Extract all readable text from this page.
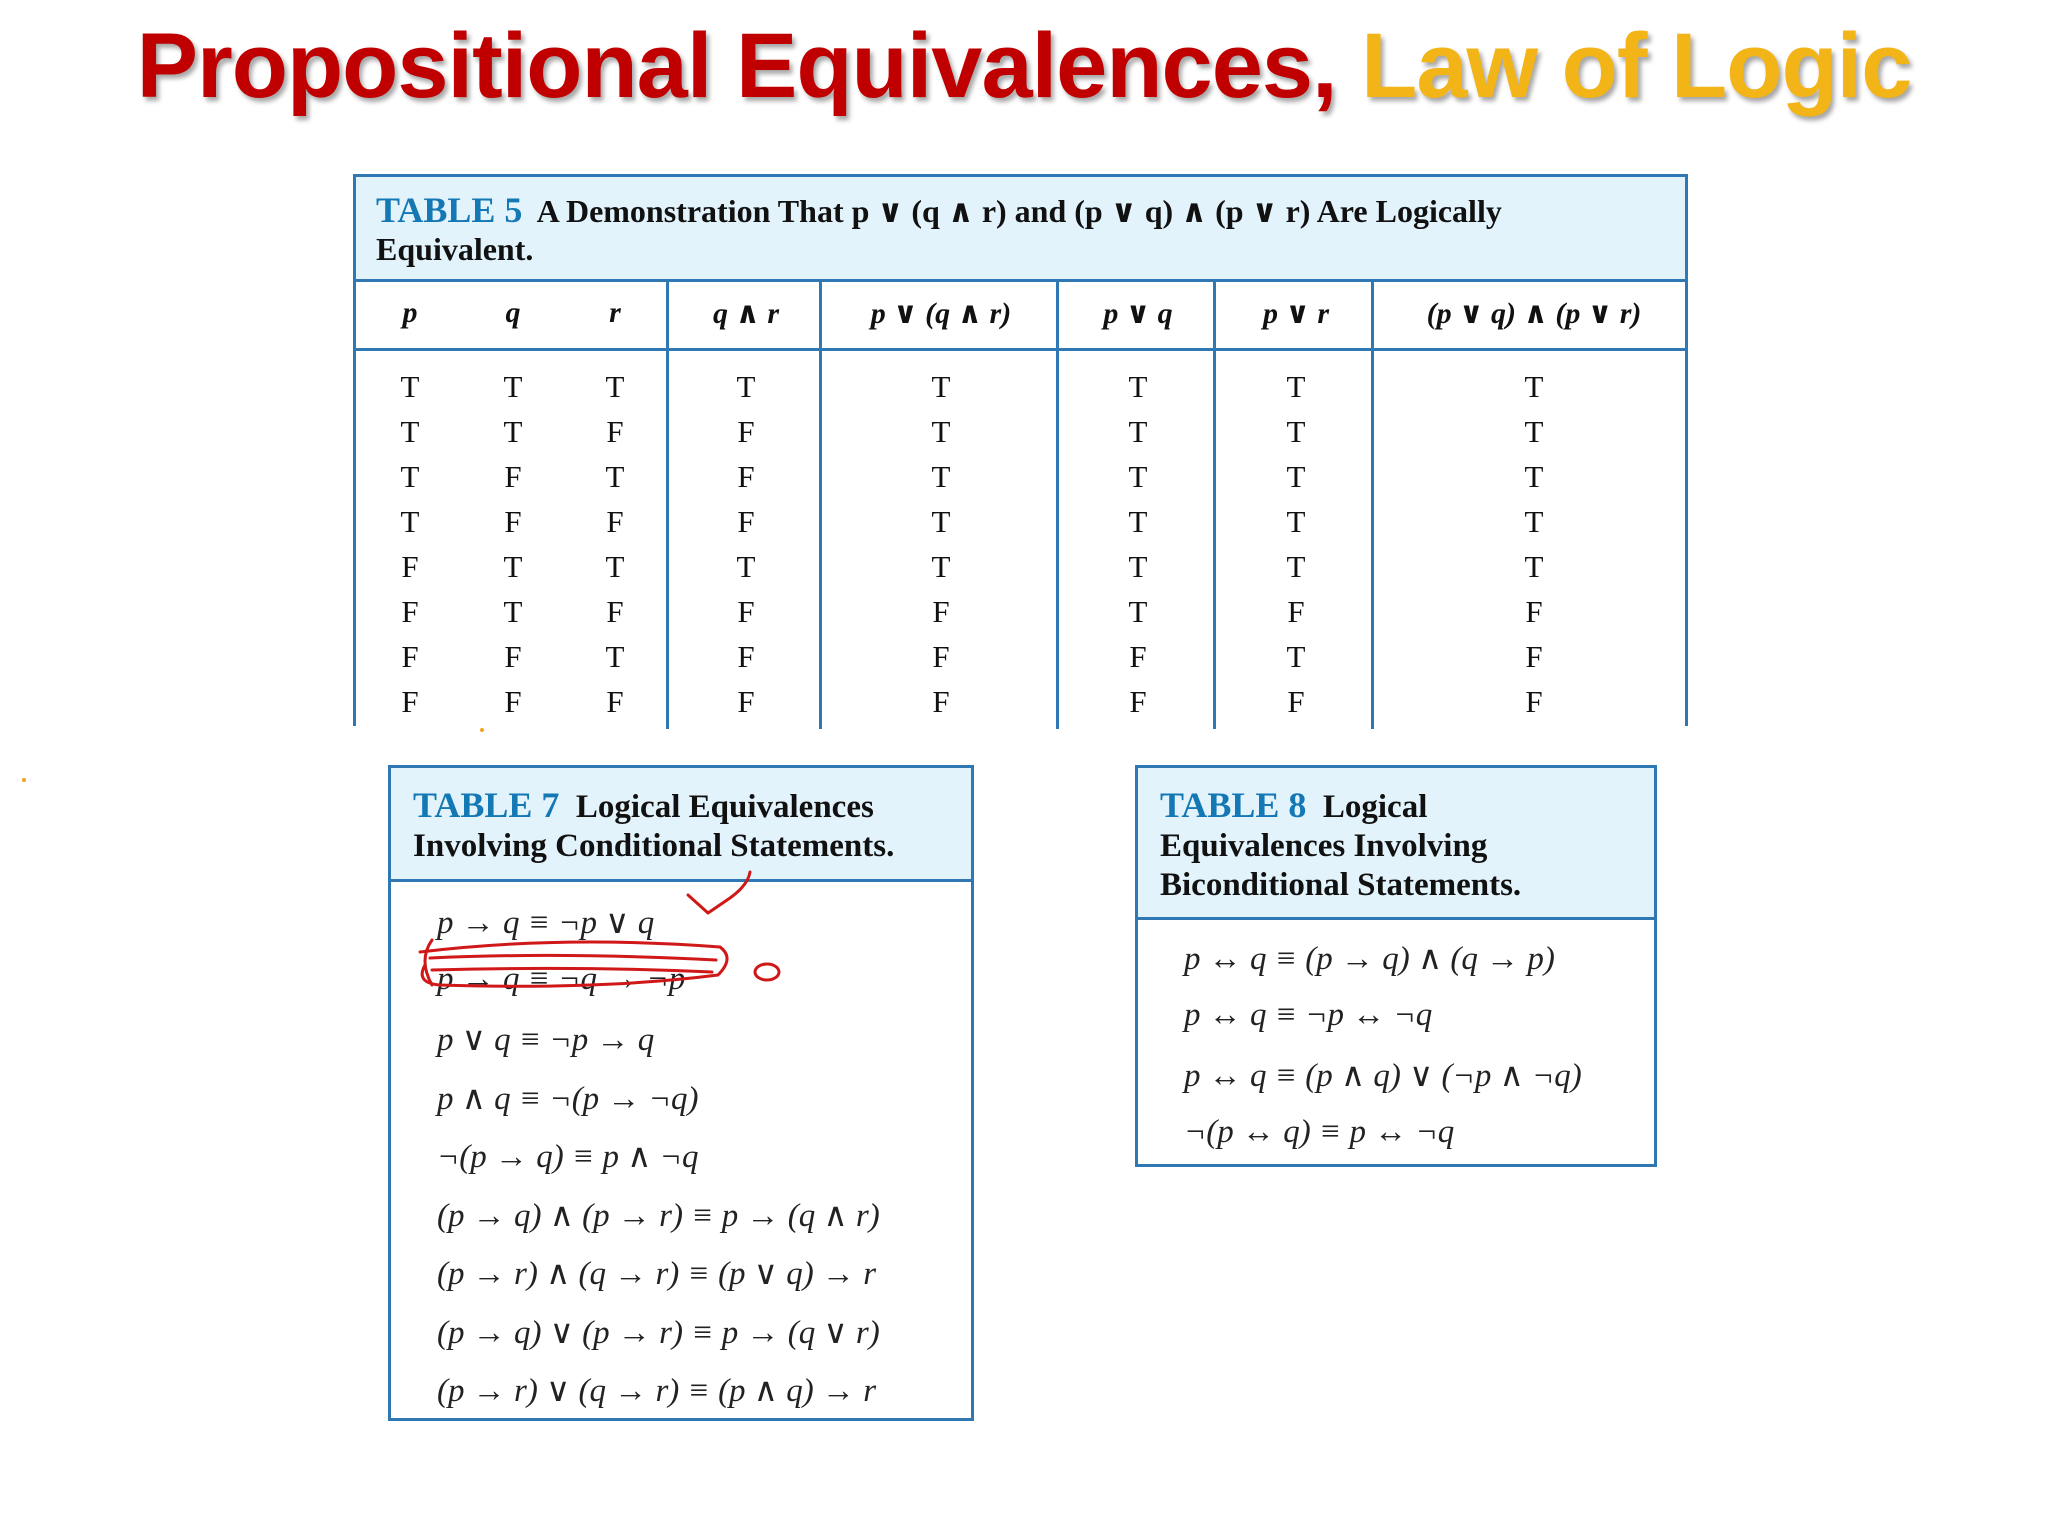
Propositional Equivalences, Law of Logic
TABLE 5 A Demonstration That p ∨ (q ∧ r) and (p ∨ q) ∧ (p ∨ r) Are Logically Equivalent.
p	q	r	q ∧ r	p ∨ (q ∧ r)	p ∨ q	p ∨ r	(p ∨ q) ∧ (p ∨ r)
T	T	T	T	T	T	T	T
T	T	F	F	T	T	T	T
T	F	T	F	T	T	T	T
T	F	F	F	T	T	T	T
F	T	T	T	T	T	T	T
F	T	F	F	F	T	F	F
F	F	T	F	F	F	T	F
F	F	F	F	F	F	F	F
TABLE 7 Logical Equivalences
Involving Conditional Statements.
p → q ≡ ¬p ∨ q
p → q ≡ ¬q → ¬p
p ∨ q ≡ ¬p → q
p ∧ q ≡ ¬(p → ¬q)
¬(p → q) ≡ p ∧ ¬q
(p → q) ∧ (p → r) ≡ p → (q ∧ r)
(p → r) ∧ (q → r) ≡ (p ∨ q) → r
(p → q) ∨ (p → r) ≡ p → (q ∨ r)
(p → r) ∨ (q → r) ≡ (p ∧ q) → r
TABLE 8 Logical
Equivalences Involving
Biconditional Statements.
p ↔ q ≡ (p → q) ∧ (q → p)
p ↔ q ≡ ¬p ↔ ¬q
p ↔ q ≡ (p ∧ q) ∨ (¬p ∧ ¬q)
¬(p ↔ q) ≡ p ↔ ¬q
